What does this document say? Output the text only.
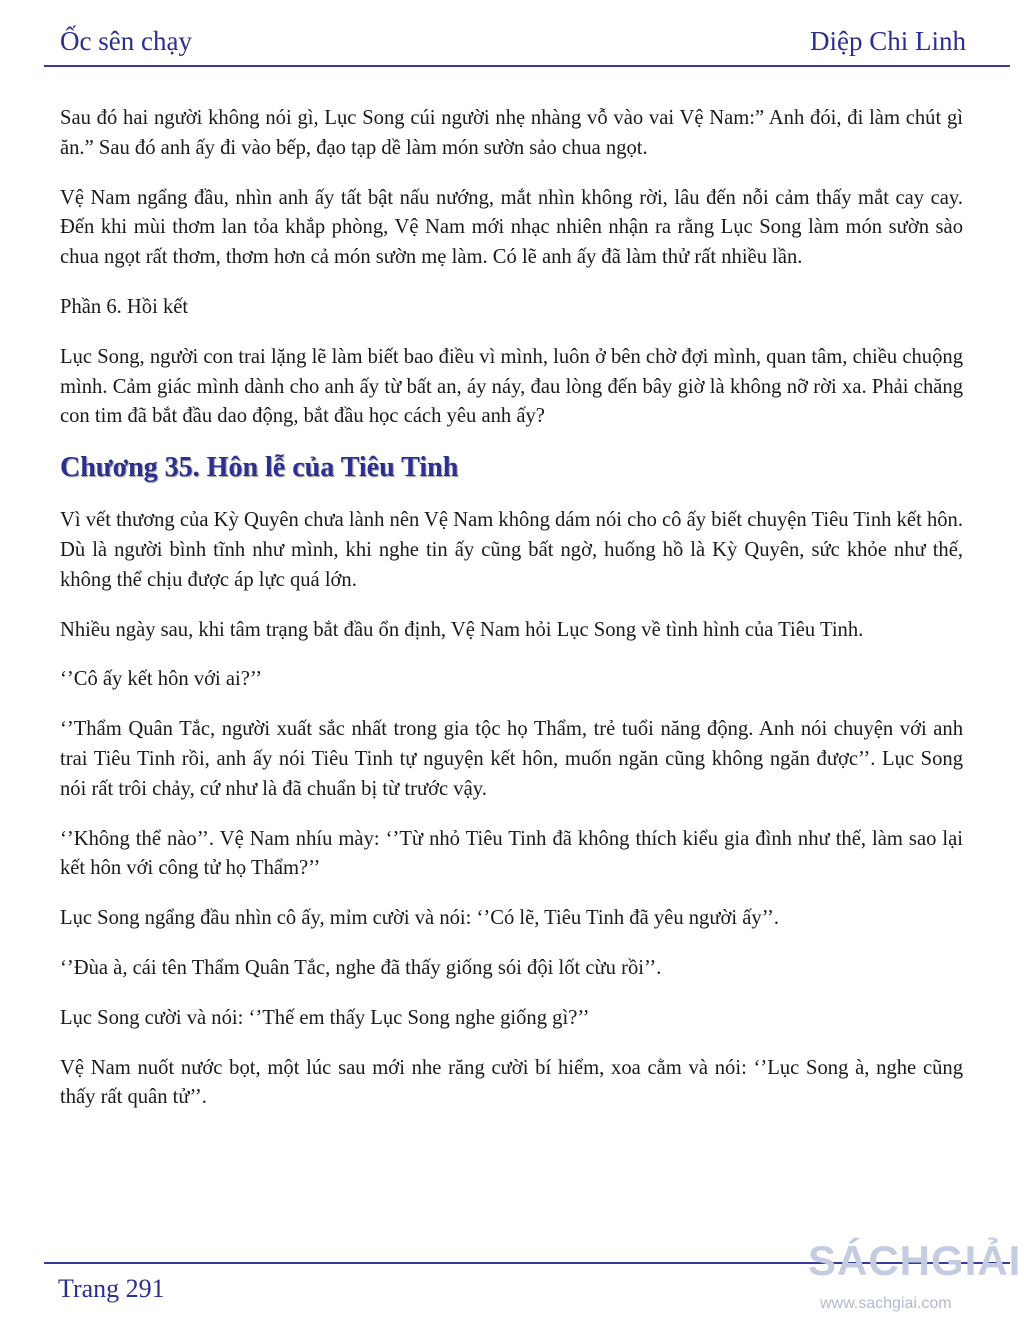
Ốc sên chạy	Diệp Chi Linh

Sau đó hai người không nói gì, Lục Song cúi người nhẹ nhàng vỗ vào vai Vệ Nam:” Anh đói, đi làm chút gì ăn.” Sau đó anh ấy đi vào bếp, đạo tạp dề làm món sườn sảo chua ngọt.

Vệ Nam ngẩng đầu, nhìn anh ấy tất bật nấu nướng, mắt nhìn không rời, lâu đến nỗi cảm thấy mắt cay cay. Đến khi mùi thơm lan tỏa khắp phòng, Vệ Nam mới nhạc nhiên nhận ra rằng Lục Song làm món sườn sào chua ngọt rất thơm, thơm hơn cả món sườn mẹ làm. Có lẽ anh ấy đã làm thử rất nhiều lần.

Phần 6. Hồi kết

Lục Song, người con trai lặng lẽ làm biết bao điều vì mình, luôn ở bên chờ đợi mình, quan tâm, chiều chuộng mình. Cảm giác mình dành cho anh ấy từ bất an, áy náy, đau lòng đến bây giờ là không nỡ rời xa. Phải chăng con tim đã bắt đầu dao động, bắt đầu học cách yêu anh ấy?

Chương 35. Hôn lễ của Tiêu Tinh

Vì vết thương của Kỳ Quyên chưa lành nên Vệ Nam không dám nói cho cô ấy biết chuyện Tiêu Tinh kết hôn. Dù là người bình tĩnh như mình, khi nghe tin ấy cũng bất ngờ, huống hồ là Kỳ Quyên, sức khỏe như thế, không thể chịu được áp lực quá lớn.

Nhiều ngày sau, khi tâm trạng bắt đầu ổn định, Vệ Nam hỏi Lục Song về tình hình của Tiêu Tinh.

‘’Cô ấy kết hôn với ai?’’

‘’Thẩm Quân Tắc, người xuất sắc nhất trong gia tộc họ Thẩm, trẻ tuổi năng động. Anh nói chuyện với anh trai Tiêu Tinh rồi, anh ấy nói Tiêu Tinh tự nguyện kết hôn, muốn ngăn cũng không ngăn được’’. Lục Song nói rất trôi chảy, cứ như là đã chuẩn bị từ trước vậy.

‘’Không thể nào’’. Vệ Nam nhíu mày: ‘’Từ nhỏ Tiêu Tinh đã không thích kiểu gia đình như thế, làm sao lại kết hôn với công tử họ Thẩm?’’

Lục Song ngẩng đầu nhìn cô ấy, mỉm cười và nói: ‘’Có lẽ, Tiêu Tinh đã yêu người ấy’’.

‘’Đùa à, cái tên Thẩm Quân Tắc, nghe đã thấy giống sói đội lốt cừu rồi’’.

Lục Song cười và nói: ‘’Thế em thấy Lục Song nghe giống gì?’’

Vệ Nam nuốt nước bọt, một lúc sau mới nhe răng cười bí hiểm, xoa cằm và nói: ‘’Lục Song à, nghe cũng thấy rất quân tử’’.

Trang 291
SÁCHGIẢI
www.sachgiai.com
